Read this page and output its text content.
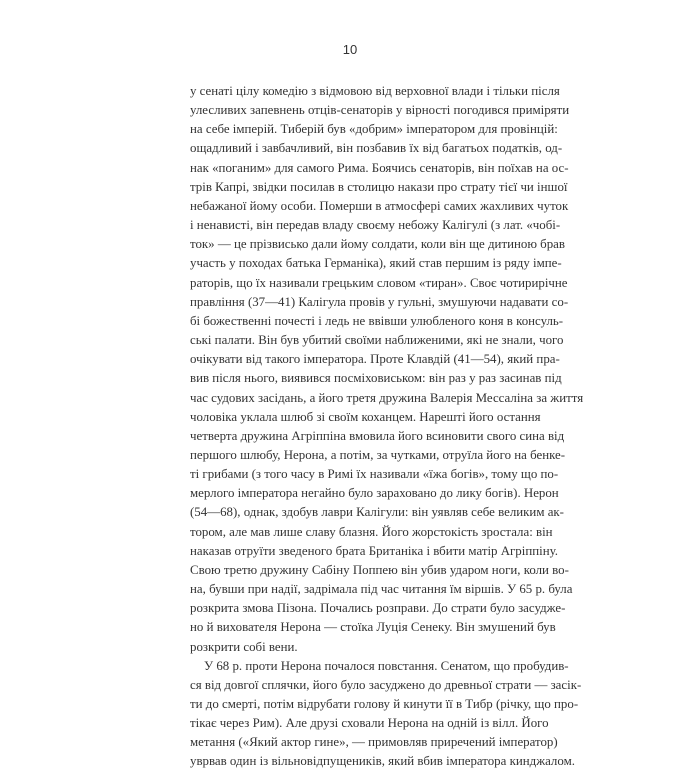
10

у сенаті цілу комедію з відмовою від верховної влади і тільки після
улесливих запевнень отців-сенаторів у вірності погодився приміряти
на себе імперій. Тиберій був «добрим» імператором для провінцій:
ощадливий і завбачливий, він позбавив їх від багатьох податків, од-
нак «поганим» для самого Рима. Боячись сенаторів, він поїхав на ос-
трів Капрі, звідки посилав в столицю накази про страту тієї чи іншої
небажаної йому особи. Померши в атмосфері самих жахливих чуток
і ненависті, він передав владу своєму небожу Калігулі (з лат. «чобі-
ток» — це прізвисько дали йому солдати, коли він ще дитиною брав
участь у походах батька Германіка), який став першим із ряду імпе-
раторів, що їх називали грецьким словом «тиран». Своє чотирирічне
правління (37—41) Калігула провів у гульні, змушуючи надавати со-
бі божественні почесті і ледь не ввівши улюбленого коня в консуль-
ські палати. Він був убитий своїми наближеними, які не знали, чого
очікувати від такого імператора. Проте Клавдій (41—54), який пра-
вив після нього, виявився посміховиськом: він раз у раз засинав під
час судових засідань, а його третя дружина Валерія Мессаліна за життя
чоловіка уклала шлюб зі своїм коханцем. Нарешті його остання
четверта дружина Агріппіна вмовила його всиновити свого сина від
першого шлюбу, Нерона, а потім, за чутками, отруїла його на бенке-
ті грибами (з того часу в Римі їх називали «їжа богів», тому що по-
мерлого імператора негайно було зараховано до лику богів). Нерон
(54—68), однак, здобув лаври Калігули: він уявляв себе великим ак-
тором, але мав лише славу блазня. Його жорстокість зростала: він
наказав отруїти зведеного брата Британіка і вбити матір Агріппіну.
Свою третю дружину Сабіну Поппею він убив ударом ноги, коли во-
на, бувши при надії, задрімала під час читання їм віршів. У 65 р. була
розкрита змова Пізона. Почались розправи. До страти було засудже-
но й вихователя Нерона — стоїка Луція Сенеку. Він змушений був
розкрити собі вени.

У 68 р. проти Нерона почалося повстання. Сенатом, що пробудив-
ся від довгої сплячки, його було засуджено до древньої страти — засік-
ти до смерті, потім відрубати голову й кинути її в Тибр (річку, що про-
тікає через Рим). Але друзі сховали Нерона на одній із вілл. Його
метання («Який актор гине», — примовляв приречений імператор)
уврвав один із вільновідпущеників, який вбив імператора кинджалом.
